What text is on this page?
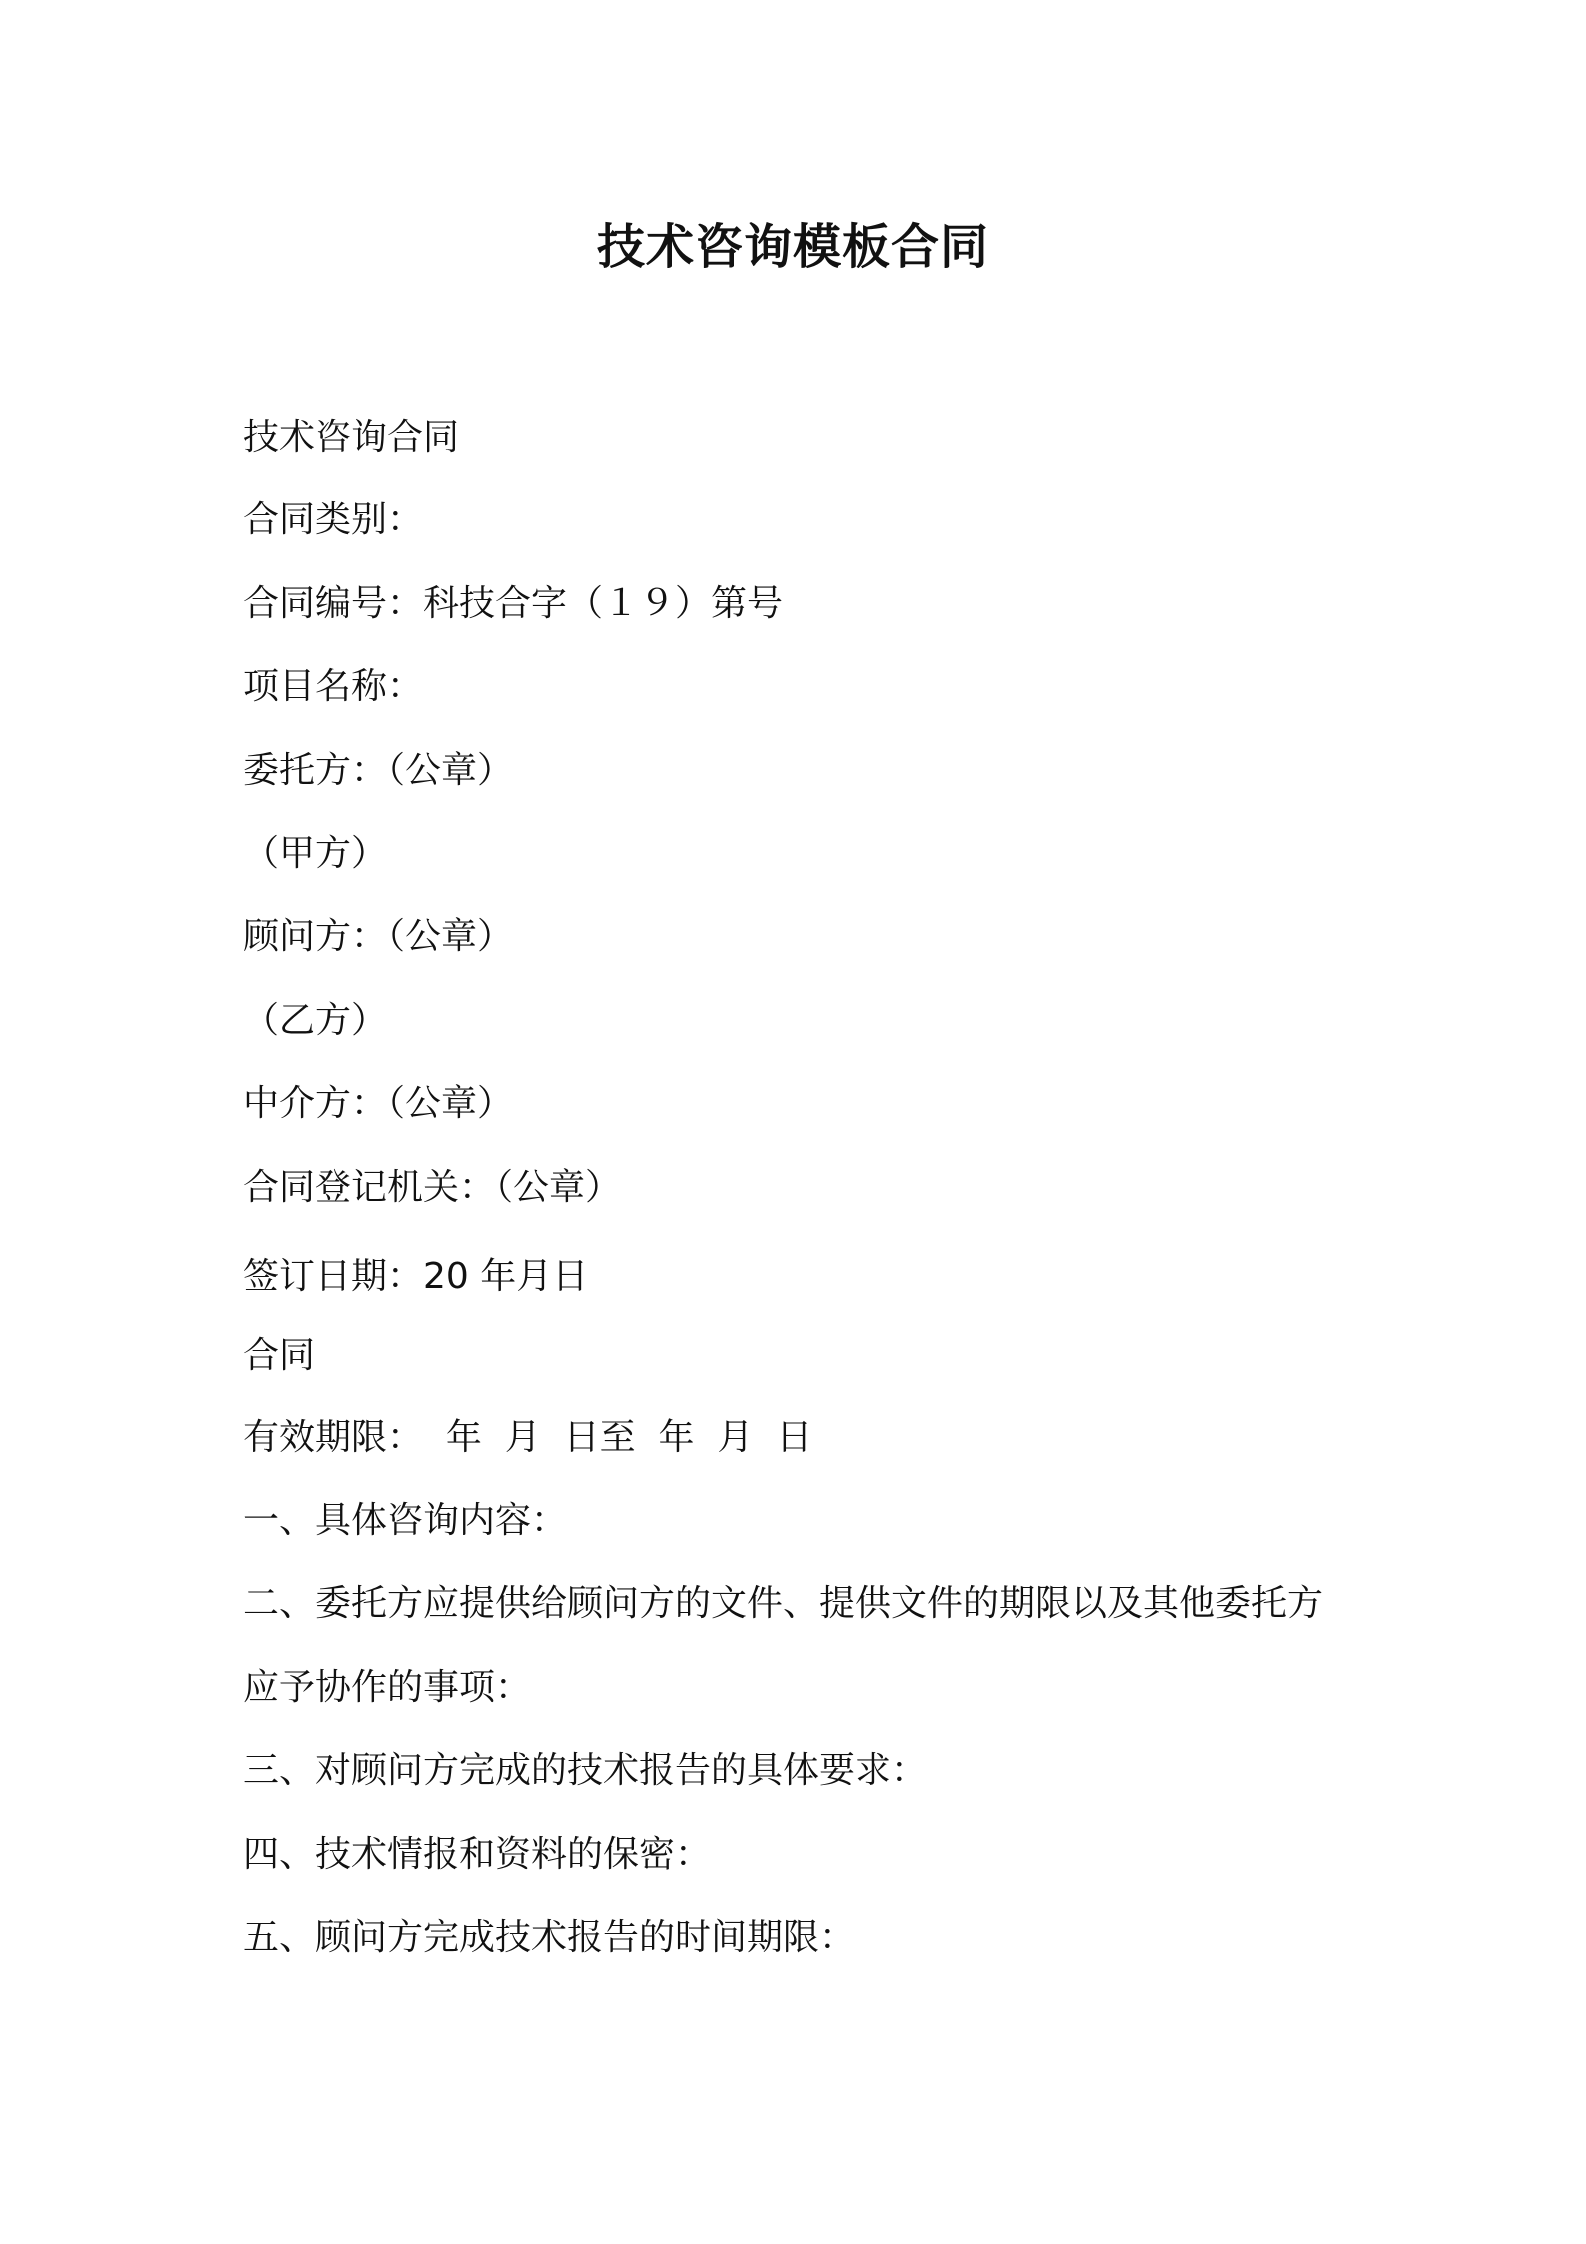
技术咨询模板合同

技术咨询合同

合同类别：

合同编号：科技合字（１９）第号

项目名称：

委托方：（公章）

（甲方）

顾问方：（公章）

（乙方）

中介方：（公章）

合同登记机关：（公章）

签订日期：20 年月日

合同

有效期限：  年  月  日至  年  月  日

一、具体咨询内容：

二、委托方应提供给顾问方的文件、提供文件的期限以及其他委托方

应予协作的事项：

三、对顾问方完成的技术报告的具体要求：

四、技术情报和资料的保密：

五、顾问方完成技术报告的时间期限：
